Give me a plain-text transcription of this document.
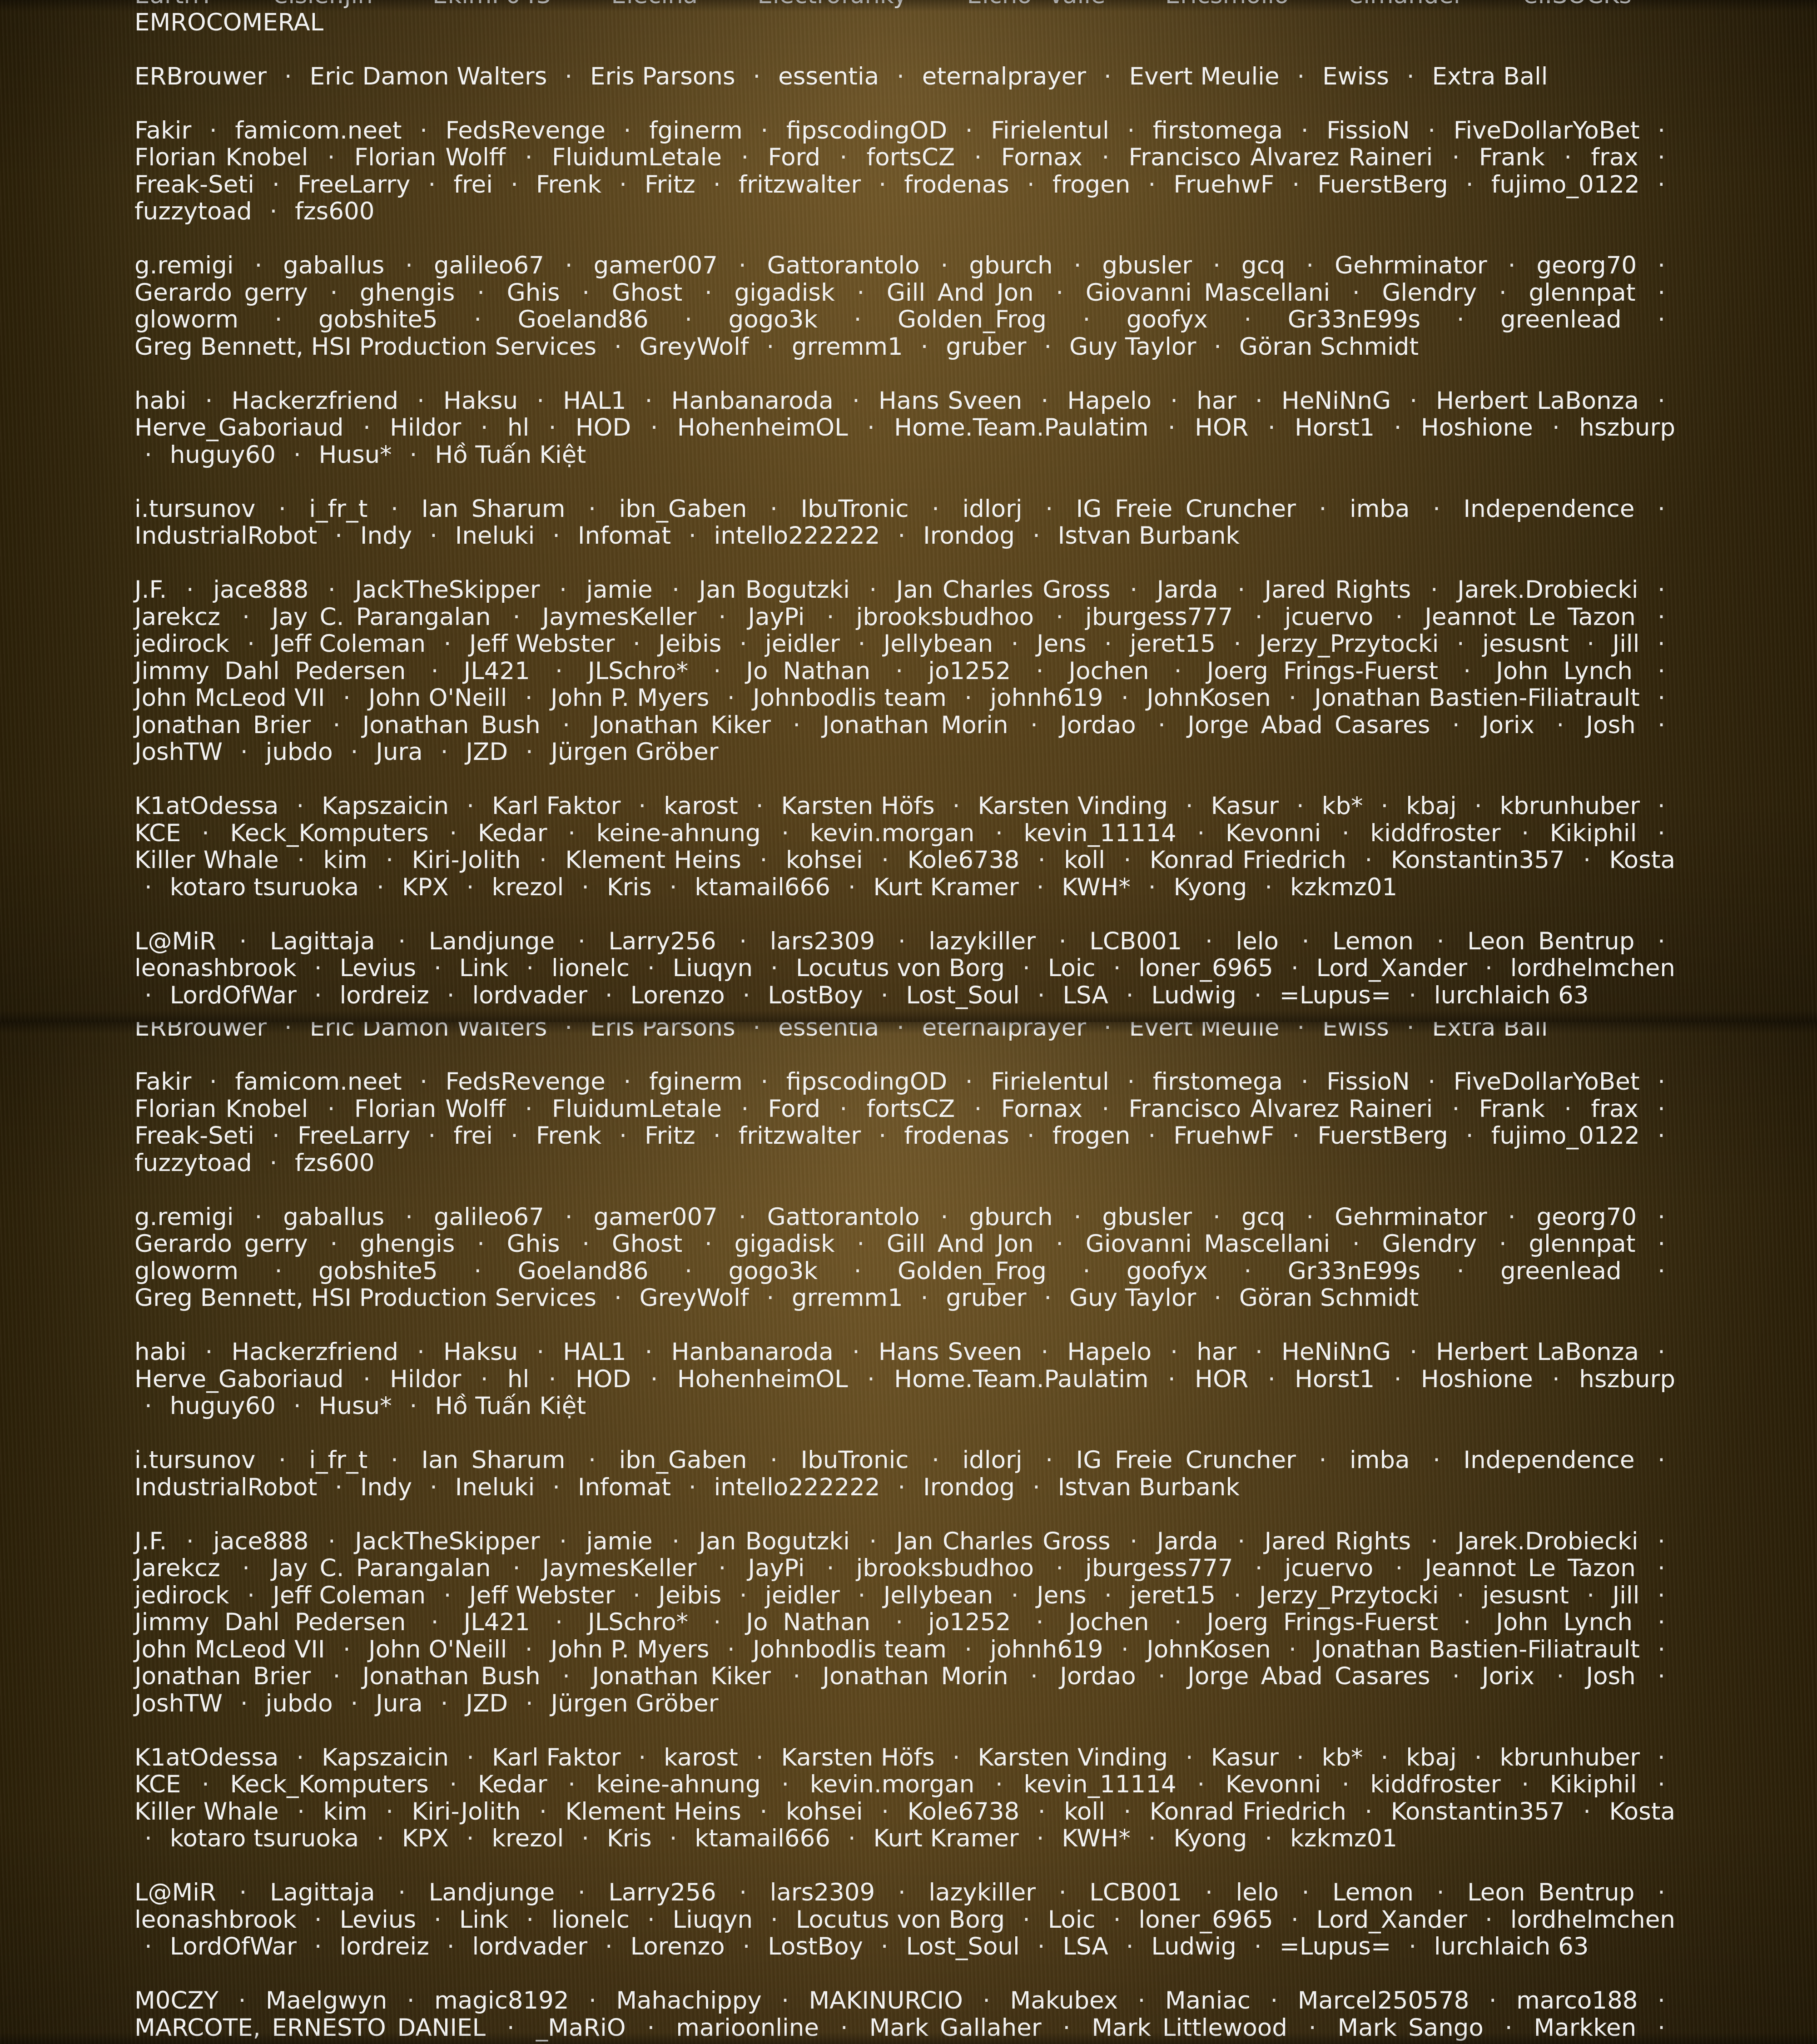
EMROCOMERAL
ERBrouwer · Eric Damon Walters · Eris Parsons · essentia · eternalprayer · Evert Meulie · Ewiss · Extra Ball
Fakir · famicom.neet · FedsRevenge · fginerm · fipscodingOD · Firielentul · firstomega · FissioN · FiveDollarYoBet · Florian Knobel · Florian Wolff · FluidumLetale · Ford · fortsCZ · Fornax · Francisco Alvarez Raineri · Frank · frax · Freak-Seti · FreeLarry · frei · Frenk · Fritz · fritzwalter · frodenas · frogen · FruehwF · FuerstBerg · fujimo_0122 · fuzzytoad · fzs600
g.remigi · gaballus · galileo67 · gamer007 · Gattorantolo · gburch · gbusler · gcq · Gehrminator · georg70 · Gerardo gerry · ghengis · Ghis · Ghost · gigadisk · Gill And Jon · Giovanni Mascellani · Glendry · glennpat · gloworm · gobshite5 · Goeland86 · gogo3k · Golden_Frog · goofyx · Gr33nE99s · greenlead · Greg Bennett, HSI Production Services · GreyWolf · grremm1 · gruber · Guy Taylor · Göran Schmidt
habi · Hackerzfriend · Haksu · HAL1 · Hanbanaroda · Hans Sveen · Hapelo · har · HeNiNnG · Herbert LaBonza · Herve_Gaboriaud · Hildor · hl · HOD · HohenheimOL · Home.Team.Paulatim · HOR · Horst1 · Hoshione · hszburp · huguy60 · Husu* · Hồ Tuấn Kiệt
i.tursunov · i_fr_t · Ian Sharum · ibn_Gaben · IbuTronic · idlorj · IG Freie Cruncher · imba · Independence · IndustrialRobot · Indy · Ineluki · Infomat · intello222222 · Irondog · Istvan Burbank
J.F. · jace888 · JackTheSkipper · jamie · Jan Bogutzki · Jan Charles Gross · Jarda · Jared Rights · Jarek.Drobiecki · Jarekcz · Jay C. Parangalan · JaymesKeller · JayPi · jbrooksbudhoo · jburgess777 · jcuervo · Jeannot Le Tazon · jedirock · Jeff Coleman · Jeff Webster · Jeibis · jeidler · Jellybean · Jens · jeret15 · Jerzy_Przytocki · jesusnt · Jill · Jimmy Dahl Pedersen · JL421 · JLSchro* · Jo Nathan · jo1252 · Jochen · Joerg Frings-Fuerst · John Lynch · John McLeod VII · John O'Neill · John P. Myers · Johnbodlis team · johnh619 · JohnKosen · Jonathan Bastien-Filiatrault · Jonathan Brier · Jonathan Bush · Jonathan Kiker · Jonathan Morin · Jordao · Jorge Abad Casares · Jorix · Josh · JoshTW · jubdo · Jura · JZD · Jürgen Gröber
K1atOdessa · Kapszaicin · Karl Faktor · karost · Karsten Höfs · Karsten Vinding · Kasur · kb* · kbaj · kbrunhuber · KCE · Keck_Komputers · Kedar · keine-ahnung · kevin.morgan · kevin_11114 · Kevonni · kiddfroster · Kikiphil · Killer Whale · kim · Kiri-Jolith · Klement Heins · kohsei · Kole6738 · koll · Konrad Friedrich · Konstantin357 · Kosta · kotaro tsuruoka · KPX · krezol · Kris · ktamail666 · Kurt Kramer · KWH* · Kyong · kzkmz01
L@MiR · Lagittaja · Landjunge · Larry256 · lars2309 · lazykiller · LCB001 · lelo · Lemon · Leon Bentrup · leonashbrook · Levius · Link · lionelc · Liuqyn · Locutus von Borg · Loic · loner_6965 · Lord_Xander · lordhelmchen · LordOfWar · lordreiz · lordvader · Lorenzo · LostBoy · Lost_Soul · LSA · Ludwig · =Lupus= · lurchlaich 63

ERBrouwer · Eric Damon Walters · Eris Parsons · essentia · eternalprayer · Evert Meulie · Ewiss · Extra Ball
Fakir · famicom.neet · FedsRevenge · fginerm · fipscodingOD · Firielentul · firstomega · FissioN · FiveDollarYoBet · Florian Knobel · Florian Wolff · FluidumLetale · Ford · fortsCZ · Fornax · Francisco Alvarez Raineri · Frank · frax · Freak-Seti · FreeLarry · frei · Frenk · Fritz · fritzwalter · frodenas · frogen · FruehwF · FuerstBerg · fujimo_0122 · fuzzytoad · fzs600
g.remigi · gaballus · galileo67 · gamer007 · Gattorantolo · gburch · gbusler · gcq · Gehrminator · georg70 · Gerardo gerry · ghengis · Ghis · Ghost · gigadisk · Gill And Jon · Giovanni Mascellani · Glendry · glennpat · gloworm · gobshite5 · Goeland86 · gogo3k · Golden_Frog · goofyx · Gr33nE99s · greenlead · Greg Bennett, HSI Production Services · GreyWolf · grremm1 · gruber · Guy Taylor · Göran Schmidt
habi · Hackerzfriend · Haksu · HAL1 · Hanbanaroda · Hans Sveen · Hapelo · har · HeNiNnG · Herbert LaBonza · Herve_Gaboriaud · Hildor · hl · HOD · HohenheimOL · Home.Team.Paulatim · HOR · Horst1 · Hoshione · hszburp · huguy60 · Husu* · Hồ Tuấn Kiệt
i.tursunov · i_fr_t · Ian Sharum · ibn_Gaben · IbuTronic · idlorj · IG Freie Cruncher · imba · Independence · IndustrialRobot · Indy · Ineluki · Infomat · intello222222 · Irondog · Istvan Burbank
J.F. · jace888 · JackTheSkipper · jamie · Jan Bogutzki · Jan Charles Gross · Jarda · Jared Rights · Jarek.Drobiecki · Jarekcz · Jay C. Parangalan · JaymesKeller · JayPi · jbrooksbudhoo · jburgess777 · jcuervo · Jeannot Le Tazon · jedirock · Jeff Coleman · Jeff Webster · Jeibis · jeidler · Jellybean · Jens · jeret15 · Jerzy_Przytocki · jesusnt · Jill · Jimmy Dahl Pedersen · JL421 · JLSchro* · Jo Nathan · jo1252 · Jochen · Joerg Frings-Fuerst · John Lynch · John McLeod VII · John O'Neill · John P. Myers · Johnbodlis team · johnh619 · JohnKosen · Jonathan Bastien-Filiatrault · Jonathan Brier · Jonathan Bush · Jonathan Kiker · Jonathan Morin · Jordao · Jorge Abad Casares · Jorix · Josh · JoshTW · jubdo · Jura · JZD · Jürgen Gröber
K1atOdessa · Kapszaicin · Karl Faktor · karost · Karsten Höfs · Karsten Vinding · Kasur · kb* · kbaj · kbrunhuber · KCE · Keck_Komputers · Kedar · keine-ahnung · kevin.morgan · kevin_11114 · Kevonni · kiddfroster · Kikiphil · Killer Whale · kim · Kiri-Jolith · Klement Heins · kohsei · Kole6738 · koll · Konrad Friedrich · Konstantin357 · Kosta · kotaro tsuruoka · KPX · krezol · Kris · ktamail666 · Kurt Kramer · KWH* · Kyong · kzkmz01
L@MiR · Lagittaja · Landjunge · Larry256 · lars2309 · lazykiller · LCB001 · lelo · Lemon · Leon Bentrup · leonashbrook · Levius · Link · lionelc · Liuqyn · Locutus von Borg · Loic · loner_6965 · Lord_Xander · lordhelmchen · LordOfWar · lordreiz · lordvader · Lorenzo · LostBoy · Lost_Soul · LSA · Ludwig · =Lupus= · lurchlaich 63
M0CZY · Maelgwyn · magic8192 · Mahachippy · MAKINURCIO · Makubex · Maniac · Marcel250578 · marco188 · MARCOTE, ERNESTO DANIEL · _MaRiO · marioonline · Mark Gallaher · Mark Littlewood · Mark Sango · Markken ·
